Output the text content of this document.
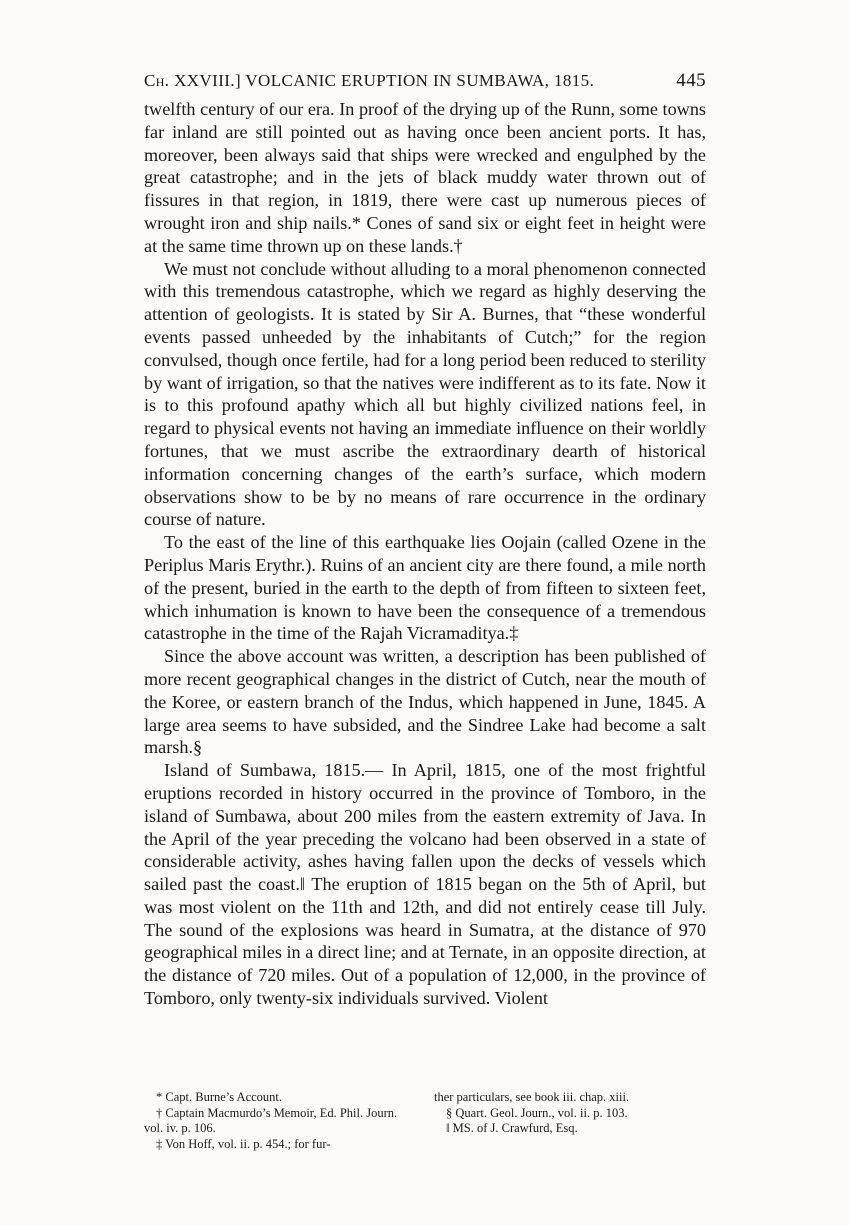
Ch. XXVIII.] VOLCANIC ERUPTION IN SUMBAWA, 1815.	445

twelfth century of our era. In proof of the drying up of the Runn, some towns far inland are still pointed out as having once been ancient ports. It has, moreover, been always said that ships were wrecked and engulphed by the great catastrophe; and in the jets of black muddy water thrown out of fissures in that region, in 1819, there were cast up numerous pieces of wrought iron and ship nails.* Cones of sand six or eight feet in height were at the same time thrown up on these lands.†

We must not conclude without alluding to a moral phenomenon connected with this tremendous catastrophe, which we regard as highly deserving the attention of geologists. It is stated by Sir A. Burnes, that “these wonderful events passed unheeded by the inhabitants of Cutch;” for the region convulsed, though once fertile, had for a long period been reduced to sterility by want of irrigation, so that the natives were indifferent as to its fate. Now it is to this profound apathy which all but highly civilized nations feel, in regard to physical events not having an immediate influence on their worldly fortunes, that we must ascribe the extraordinary dearth of historical information concerning changes of the earth’s surface, which modern observations show to be by no means of rare occurrence in the ordinary course of nature.

To the east of the line of this earthquake lies Oojain (called Ozene in the Periplus Maris Erythr.). Ruins of an ancient city are there found, a mile north of the present, buried in the earth to the depth of from fifteen to sixteen feet, which inhumation is known to have been the consequence of a tremendous catastrophe in the time of the Rajah Vicramaditya.‡

Since the above account was written, a description has been published of more recent geographical changes in the district of Cutch, near the mouth of the Koree, or eastern branch of the Indus, which happened in June, 1845. A large area seems to have subsided, and the Sindree Lake had become a salt marsh.§

Island of Sumbawa, 1815.— In April, 1815, one of the most frightful eruptions recorded in history occurred in the province of Tomboro, in the island of Sumbawa, about 200 miles from the eastern extremity of Java. In the April of the year preceding the volcano had been observed in a state of considerable activity, ashes having fallen upon the decks of vessels which sailed past the coast.‖ The eruption of 1815 began on the 5th of April, but was most violent on the 11th and 12th, and did not entirely cease till July. The sound of the explosions was heard in Sumatra, at the distance of 970 geographical miles in a direct line; and at Ternate, in an opposite direction, at the distance of 720 miles. Out of a population of 12,000, in the province of Tomboro, only twenty-six individuals survived. Violent

* Capt. Burne’s Account.
† Captain Macmurdo’s Memoir, Ed. Phil. Journ. vol. iv. p. 106.
‡ Von Hoff, vol. ii. p. 454.; for fur-
ther particulars, see book iii. chap. xiii.
§ Quart. Geol. Journ., vol. ii. p. 103.
‖ MS. of J. Crawfurd, Esq.
